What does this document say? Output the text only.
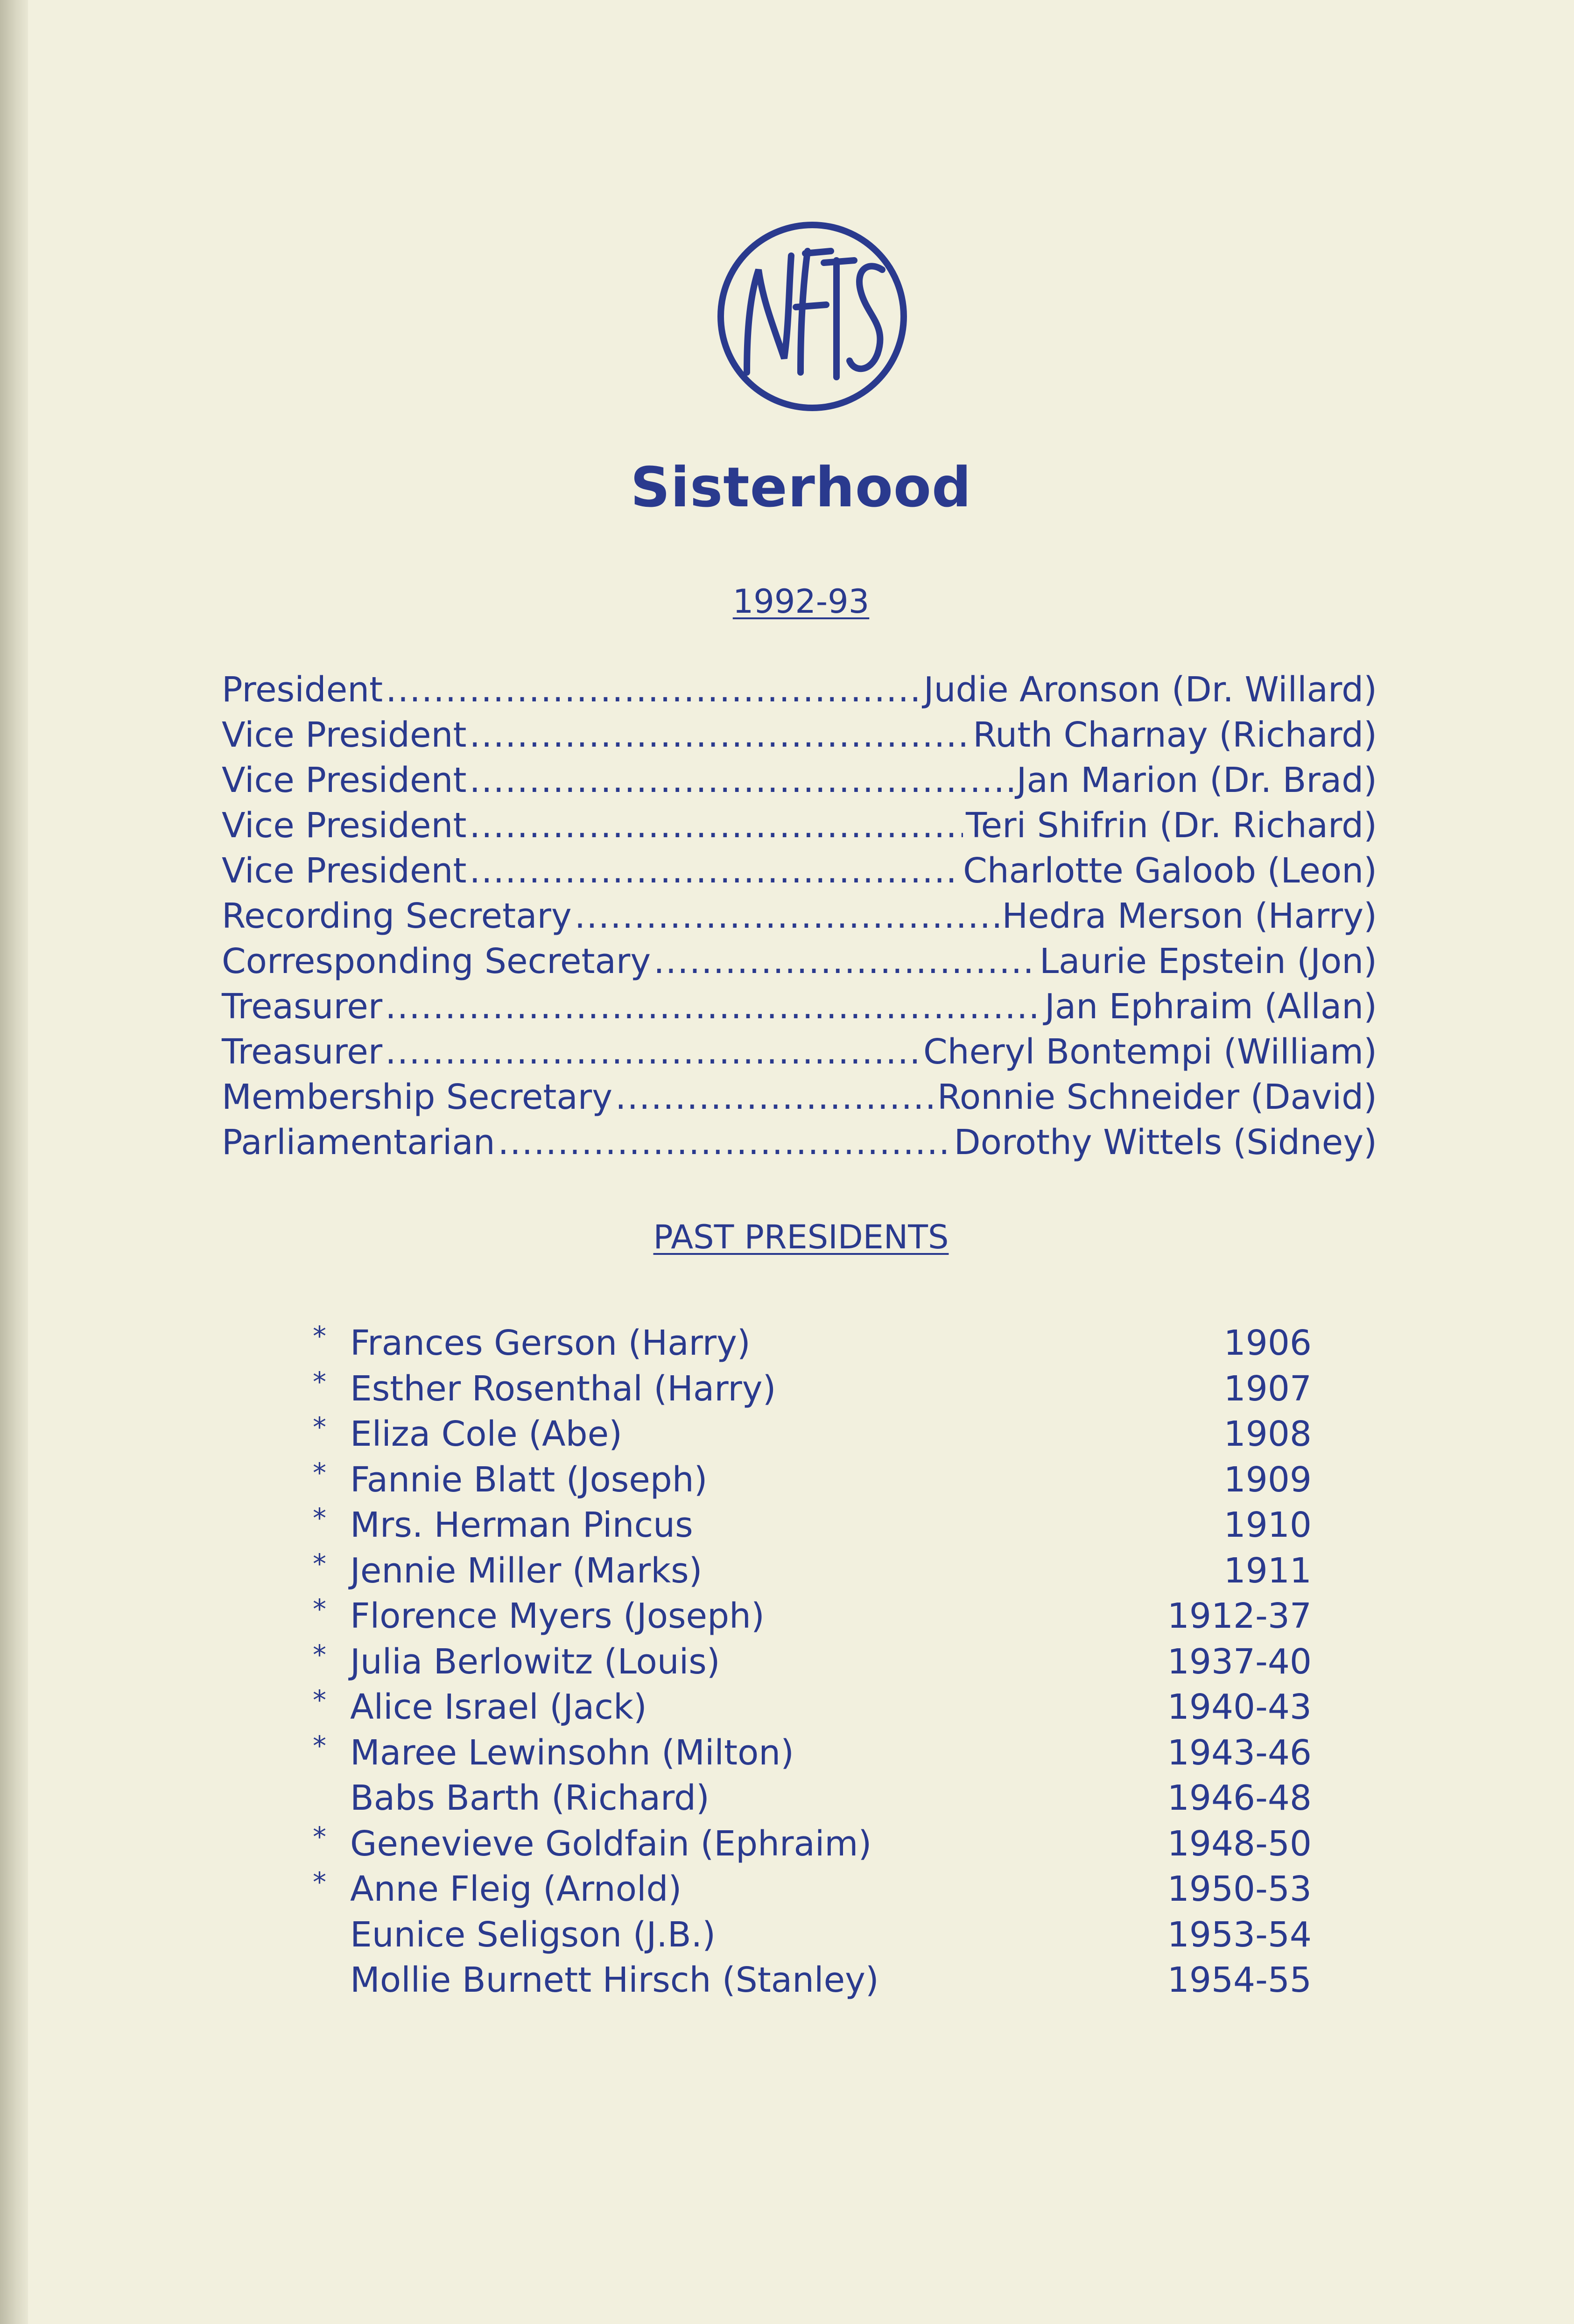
Sisterhood
1992-93
President .....	Judie Aronson (Dr. Willard)
Vice President .....	Ruth Charnay (Richard)
Vice President .....	Jan Marion (Dr. Brad)
Vice President .....	Teri Shifrin (Dr. Richard)
Vice President .....	Charlotte Galoob (Leon)
Recording Secretary .....	Hedra Merson (Harry)
Corresponding Secretary .....	Laurie Epstein (Jon)
Treasurer .....	Jan Ephraim (Allan)
Treasurer .....	Cheryl Bontempi (William)
Membership Secretary .....	Ronnie Schneider (David)
Parliamentarian .....	Dorothy Wittels (Sidney)
PAST PRESIDENTS
* Frances Gerson (Harry)	1906
* Esther Rosenthal (Harry)	1907
* Eliza Cole (Abe)	1908
* Fannie Blatt (Joseph)	1909
* Mrs. Herman Pincus	1910
* Jennie Miller (Marks)	1911
* Florence Myers (Joseph)	1912-37
* Julia Berlowitz (Louis)	1937-40
* Alice Israel (Jack)	1940-43
* Maree Lewinsohn (Milton)	1943-46
Babs Barth (Richard)	1946-48
* Genevieve Goldfain (Ephraim)	1948-50
* Anne Fleig (Arnold)	1950-53
Eunice Seligson (J.B.)	1953-54
Mollie Burnett Hirsch (Stanley)	1954-55
